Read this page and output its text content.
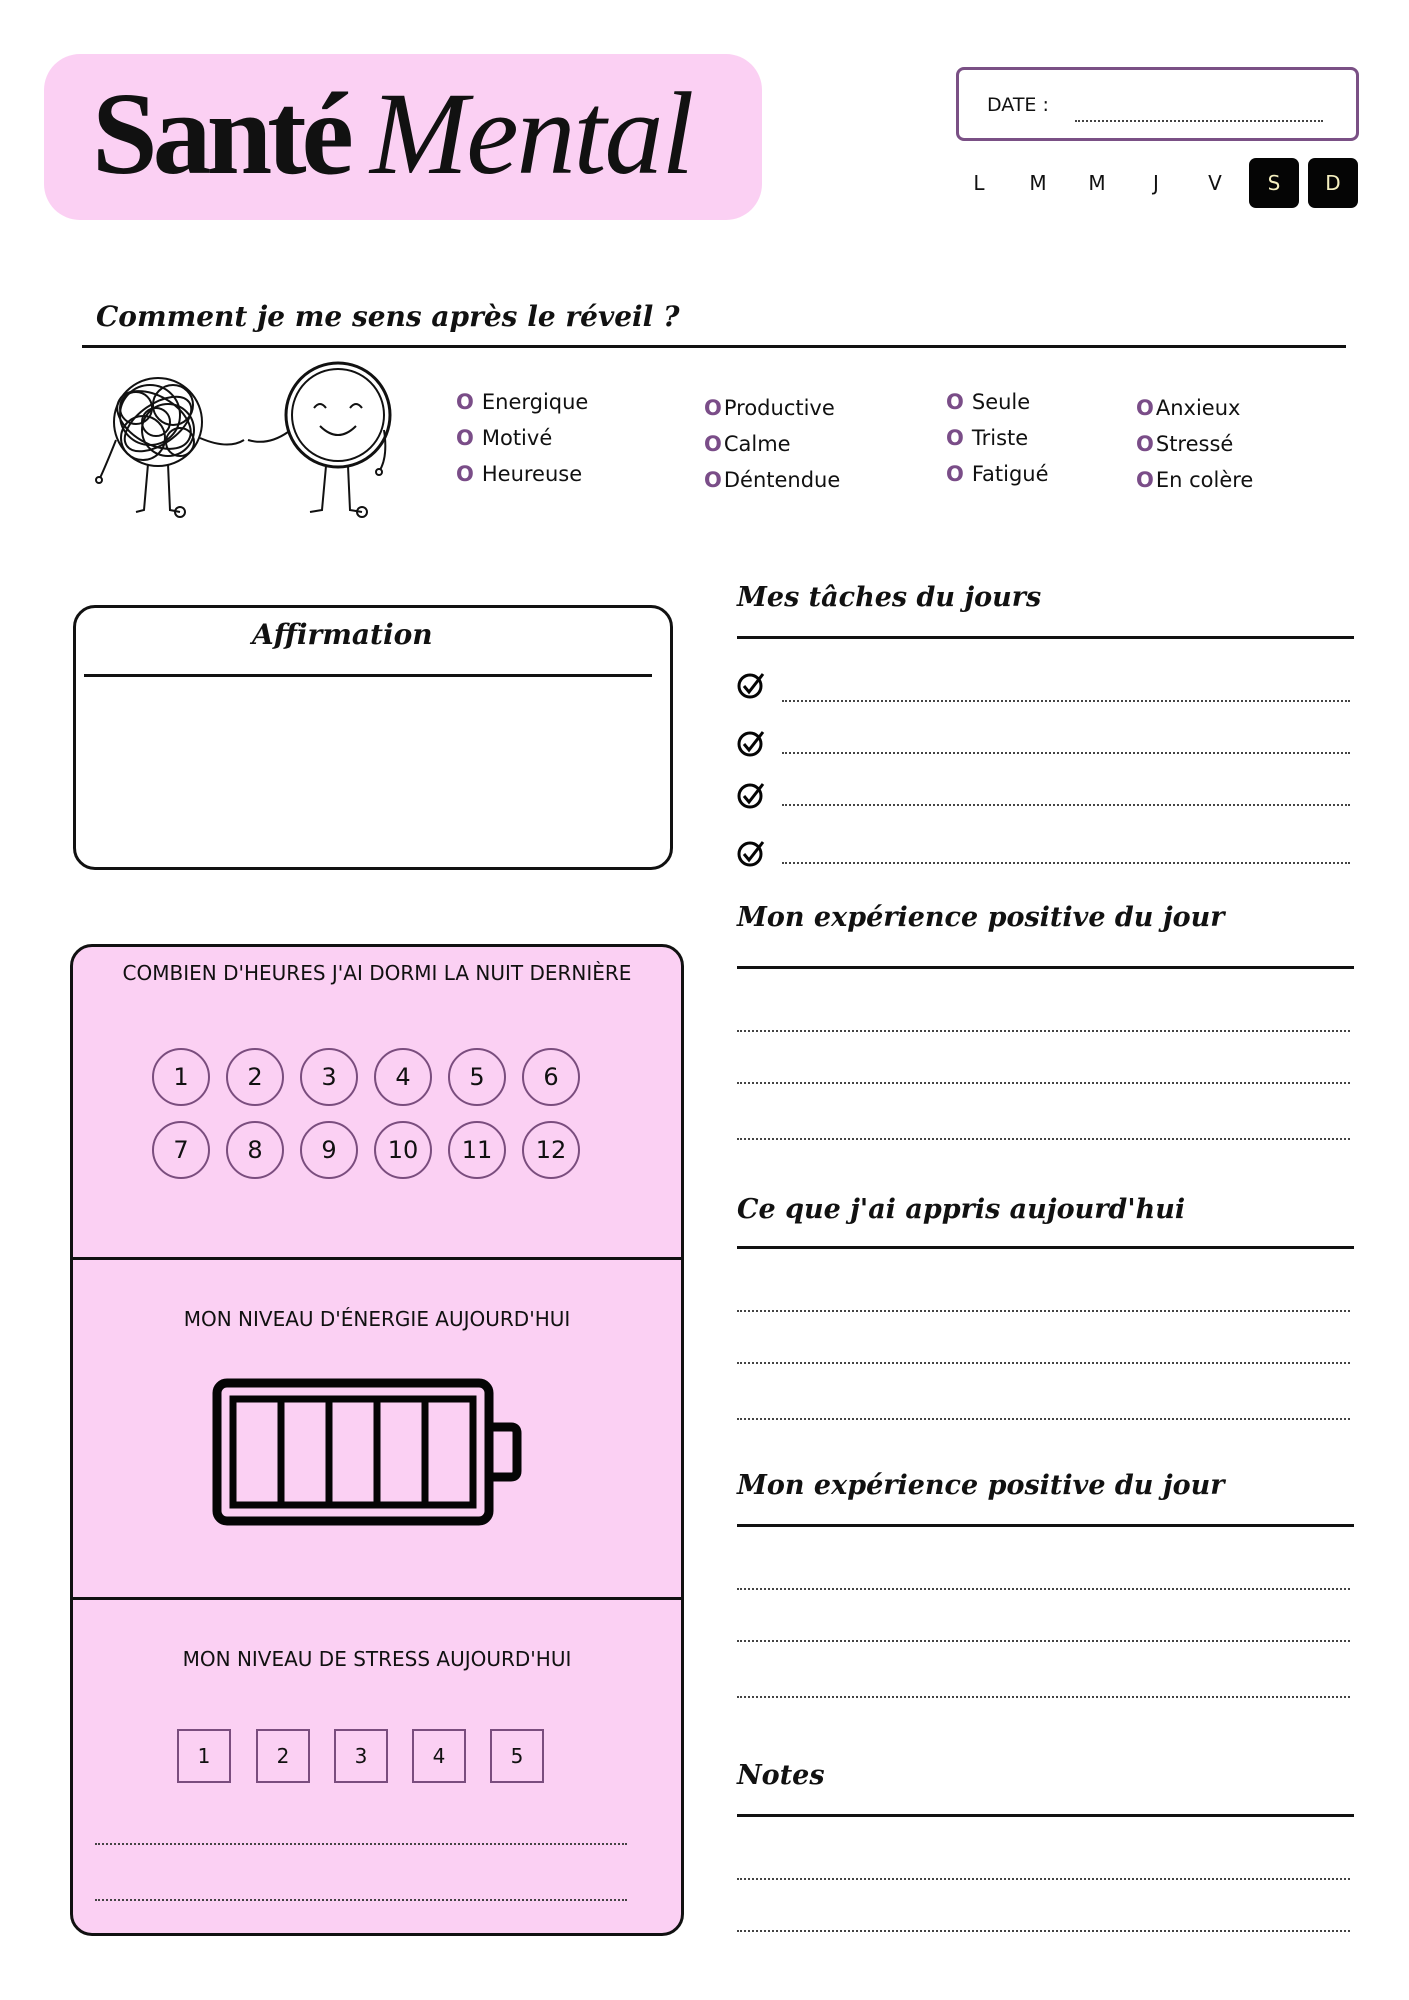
Santé Mental	DATE :
L	M	M	J	V	S	D
Comment je me sens après le réveil ?
O Energique
O Motivé
O Heureuse
OProductive
OCalme
ODéntendue
O Seule
O Triste
O Fatigué
OAnxieux
OStressé
OEn colère
Affirmation
COMBIEN D'HEURES J'AI DORMI LA NUIT DERNIÈRE
1	2	3	4	5	6
7	8	9	10	11	12
MON NIVEAU D'ÉNERGIE AUJOURD'HUI
MON NIVEAU DE STRESS AUJOURD'HUI
1	2	3	4	5
Mes tâches du jours
Mon expérience positive du jour
Ce que j'ai appris aujourd'hui
Mon expérience positive du jour
Notes
